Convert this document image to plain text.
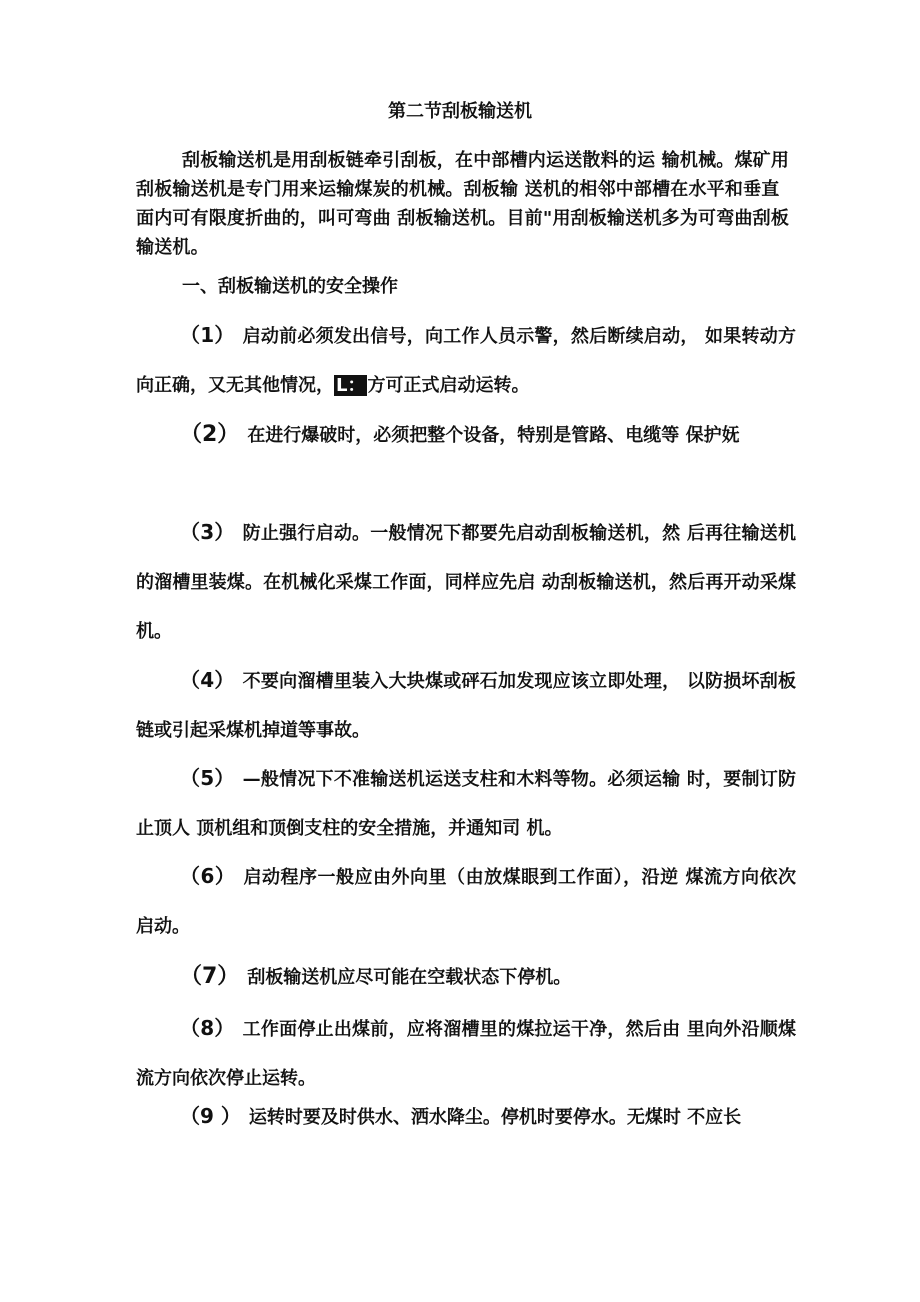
第二节刮板输送机
刮板输送机是用刮板链牵引刮板，在中部槽内运送散料的运 输机械。煤矿用刮板输送机是专门用来运输煤炭的机械。刮板输 送机的相邻中部槽在水平和垂直面内可有限度折曲的，叫可弯曲 刮板输送机。目前"用刮板输送机多为可弯曲刮板输送机。
一、刮板输送机的安全操作
（1） 启动前必须发出信号，向工作人员示警，然后断续启动， 如果转动方向正确，又无其他情况， L： 方可正式启动运转。
（2） 在进行爆破时，必须把整个设备，特别是管路、电缆等 保护妩
（3） 防止强行启动。一般情况下都要先启动刮板输送机，然 后再往输送机的溜槽里装煤。在机械化采煤工作面，同样应先启 动刮板输送机，然后再开动采煤机。
（4） 不要向溜槽里装入大块煤或砰石加发现应该立即处理， 以防损坏刮板链或引起采煤机掉道等事故。
（5） —般情况下不准输送机运送支柱和木料等物。必须运输 时，要制订防止顶人 顶机组和顶倒支柱的安全措施，并通知司 机。
（6） 启动程序一般应由外向里（由放煤眼到工作面），沿逆 煤流方向依次启动。
（7） 刮板输送机应尽可能在空载状态下停机。
（8） 工作面停止出煤前，应将溜槽里的煤拉运干净，然后由 里向外沿顺煤流方向依次停止运转。
（9 ） 运转时要及时供水、洒水降尘。停机时要停水。无煤时 不应长
